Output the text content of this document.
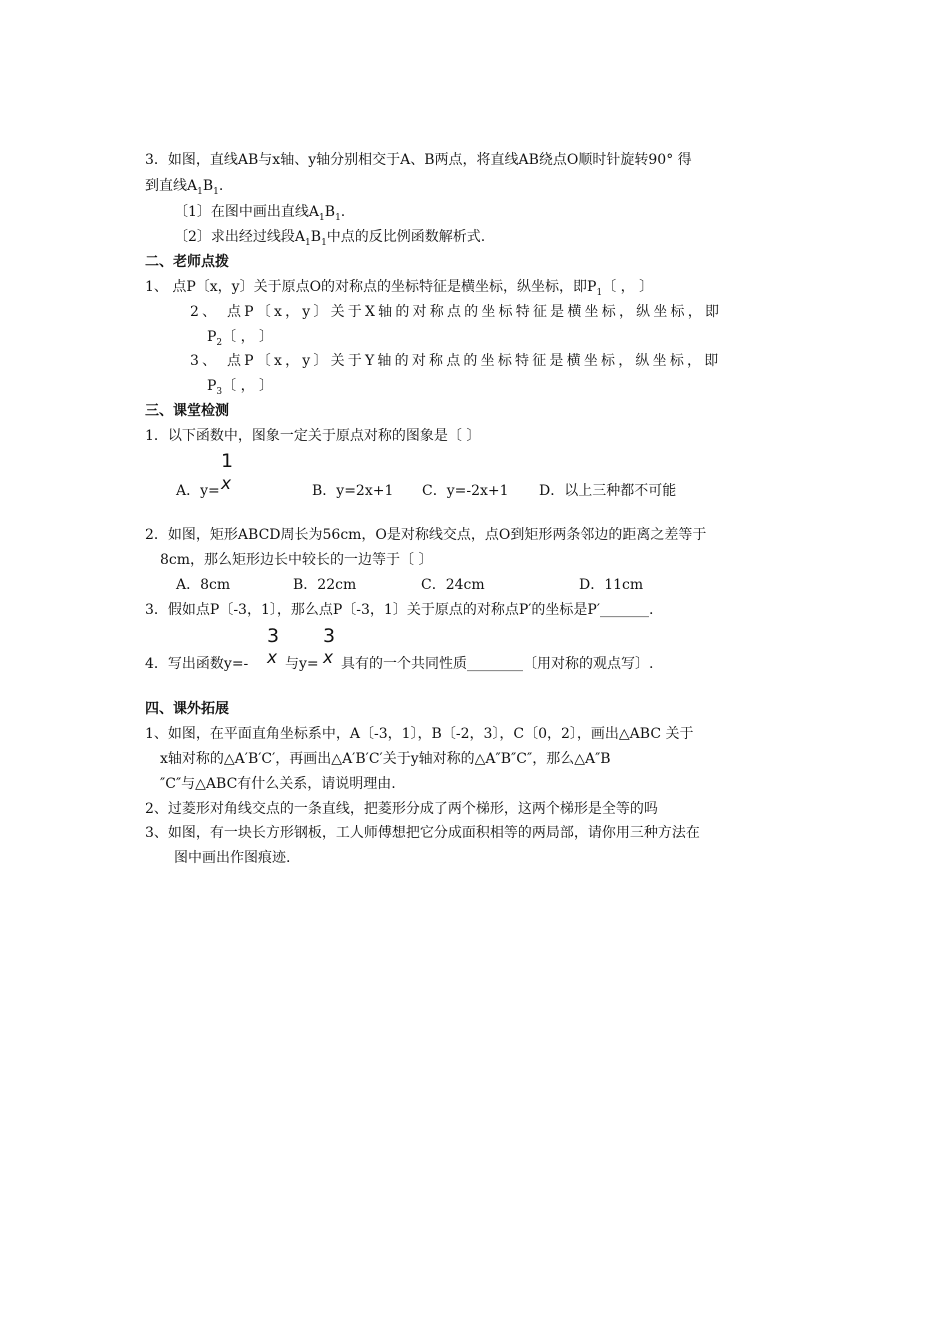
3．如图，直线AB与x轴、y轴分别相交于A、B两点，将直线AB绕点O顺时针旋转90° 得
到直线$A_1B_1$.
〔1〕在图中画出直线$A_1B_1$.
〔2〕求出经过线段$A_1B_1$中点的反比例函数解析式.
二、老师点拨
1、 点P〔x，y〕关于原点O的对称点的坐标特征是横坐标，纵坐标，即$P_1$〔 ， 〕
2、 点P〔x，y〕关于X轴的对称点的坐标特征是横坐标，纵坐标，即
$P_2$〔 ， 〕
3、 点P〔x，y〕关于Y轴的对称点的坐标特征是横坐标，纵坐标，即
$P_3$〔 ， 〕
三、课堂检测
1．以下函数中，图象一定关于原点对称的图象是〔 〕
1
x
A．y=	B．y=2x+1 C．y=-2x+1 D．以上三种都不可能
2．如图，矩形ABCD周长为56cm，O是对称线交点，点O到矩形两条邻边的距离之差等于
8cm，那么矩形边长中较长的一边等于〔 〕
A．8cm	B．22cm	C．24cm	D．11cm
3．假如点P〔-3，1〕，那么点P〔-3，1〕关于原点的对称点P′的坐标是P′_______.
3
x
3
x
4．写出函数y=-	与y= 具有的一个共同性质________〔用对称的观点写〕.
四、课外拓展
1、如图，在平面直角坐标系中，A〔-3，1〕，B〔-2，3〕，C〔0，2〕，画出△ABC 关于
x轴对称的△A′B′C′，再画出△A′B′C′关于y轴对称的△A″B″C″，那么△A″B
″C″与△ABC有什么关系，请说明理由.
2、过菱形对角线交点的一条直线，把菱形分成了两个梯形，这两个梯形是全等的吗
3、如图，有一块长方形钢板，工人师傅想把它分成面积相等的两局部，请你用三种方法在
图中画出作图痕迹.
